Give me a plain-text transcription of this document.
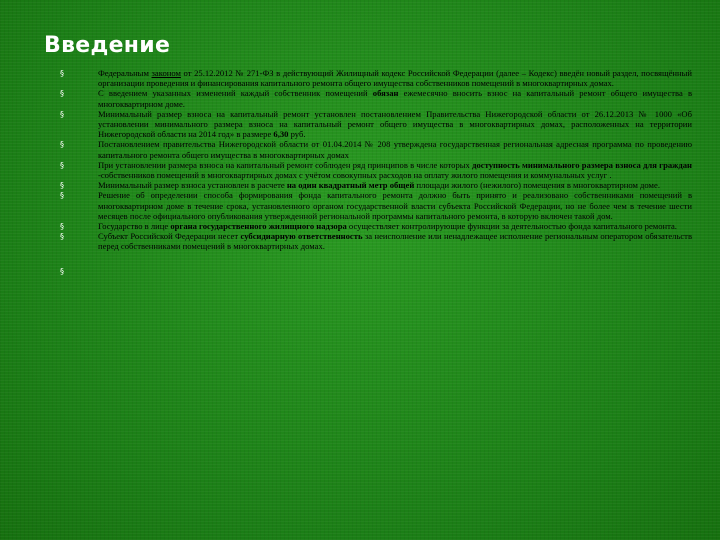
Введение
§	Федеральным законом от 25.12.2012 № 271-ФЗ в действующий Жилищный кодекс Российской Федерации (далее – Кодекс) введён новый раздел, посвящённый организации проведения и финансирования капитального ремонта общего имущества собственников помещений в многоквартирных домах.
§	С введением указанных изменений каждый собственник помещений обязан ежемесячно вносить взнос на капитальный ремонт общего имущества в многоквартирном доме.
§	Минимальный размер взноса на капитальный ремонт установлен постановлением Правительства Нижегородской области от 26.12.2013 № 1000 «Об установлении минимального размера взноса на капитальный ремонт общего имущества в многоквартирных домах, расположенных на территории Нижегородской области на 2014 год» в размере 6,30 руб.
§	Постановлением правительства Нижегородской области от 01.04.2014 № 208 утверждена государственная региональная адресная программа по проведению капитального ремонта общего имущества в многоквартирных домах
§	При установлении размера взноса на капитальный ремонт соблюден ряд принципов в числе которых доступность минимального размера взноса для граждан -собственников помещений в многоквартирных домах с учётом совокупных расходов на оплату жилого помещения и коммунальных услуг .
§	Минимальный размер взноса установлен в расчете на один квадратный метр общей площади жилого (нежилого) помещения в многоквартирном доме.
§	Решение об определении способа формирования фонда капитального ремонта должно быть принято и реализовано собственниками помещений в многоквартирном доме в течение срока, установленного органом государственной власти субъекта Российской Федерации, но не более чем в течение шести месяцев после официального опубликования утвержденной региональной программы капитального ремонта, в которую включен такой дом.
§	Государство в лице органа государственного жилищного надзора осуществляет контролирующие функции за деятельностью фонда капитального ремонта.
§	Субъект Российской Федерации несет субсидиарную ответственность за неисполнение или ненадлежащее исполнение региональным оператором обязательств перед собственниками помещений в многоквартирных домах.
§
